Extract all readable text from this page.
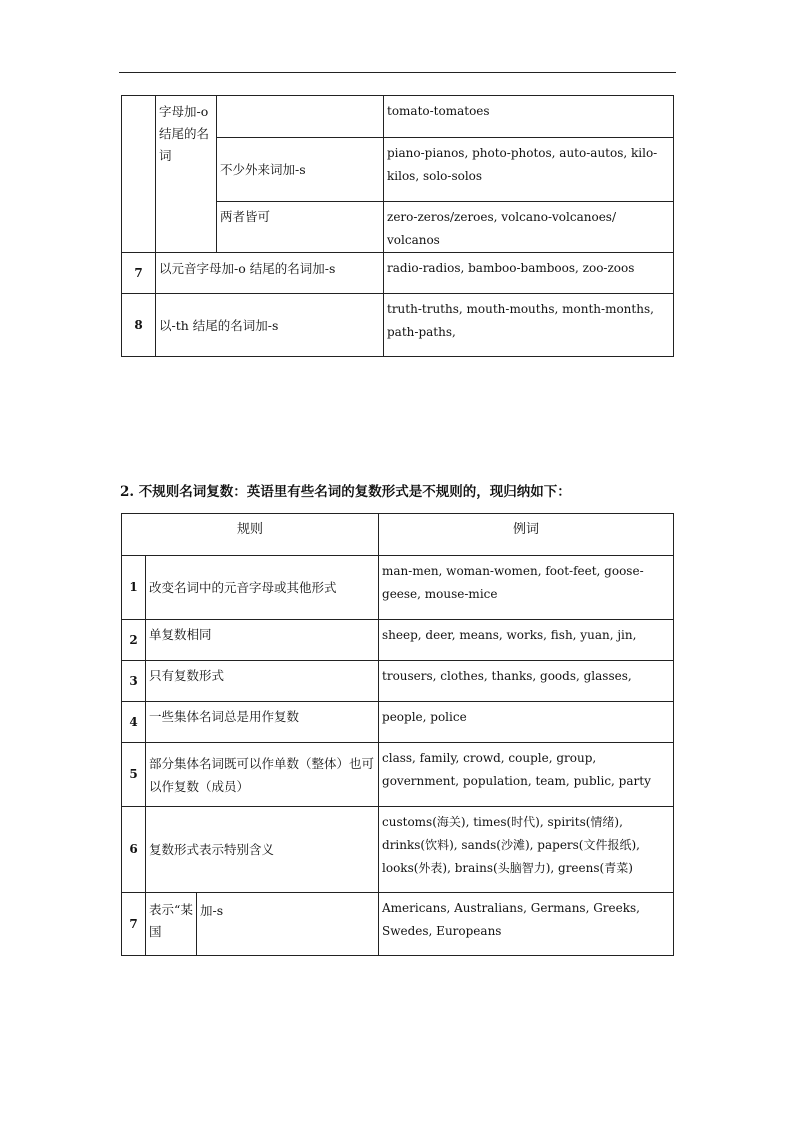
	字母加-o 结尾的名词		tomato-tomatoes
		不少外来词加-s	piano-pianos, photo-photos, auto-autos, kilo-kilos, solo-solos
		两者皆可	zero-zeros/zeroes, volcano-volcanoes/ volcanos
7	以元音字母加-o 结尾的名词加-s		radio-radios, bamboo-bamboos, zoo-zoos
8	以-th 结尾的名词加-s		truth-truths, mouth-mouths, month-months, path-paths,
2. 不规则名词复数：英语里有些名词的复数形式是不规则的，现归纳如下：
规则			例词
1	改变名词中的元音字母或其他形式		man-men, woman-women, foot-feet, goose-geese, mouse-mice
2	单复数相同		sheep, deer, means, works, fish, yuan, jin,
3	只有复数形式		trousers, clothes, thanks, goods, glasses,
4	一些集体名词总是用作复数		people, police
5	部分集体名词既可以作单数（整体）也可以作复数（成员）		class, family, crowd, couple, group, government, population, team, public, party
6	复数形式表示特别含义		customs(海关), times(时代), spirits(情绪), drinks(饮料), sands(沙滩), papers(文件报纸), looks(外表), brains(头脑智力), greens(青菜)
7	表示“某国	加-s	Americans, Australians, Germans, Greeks, Swedes, Europeans
